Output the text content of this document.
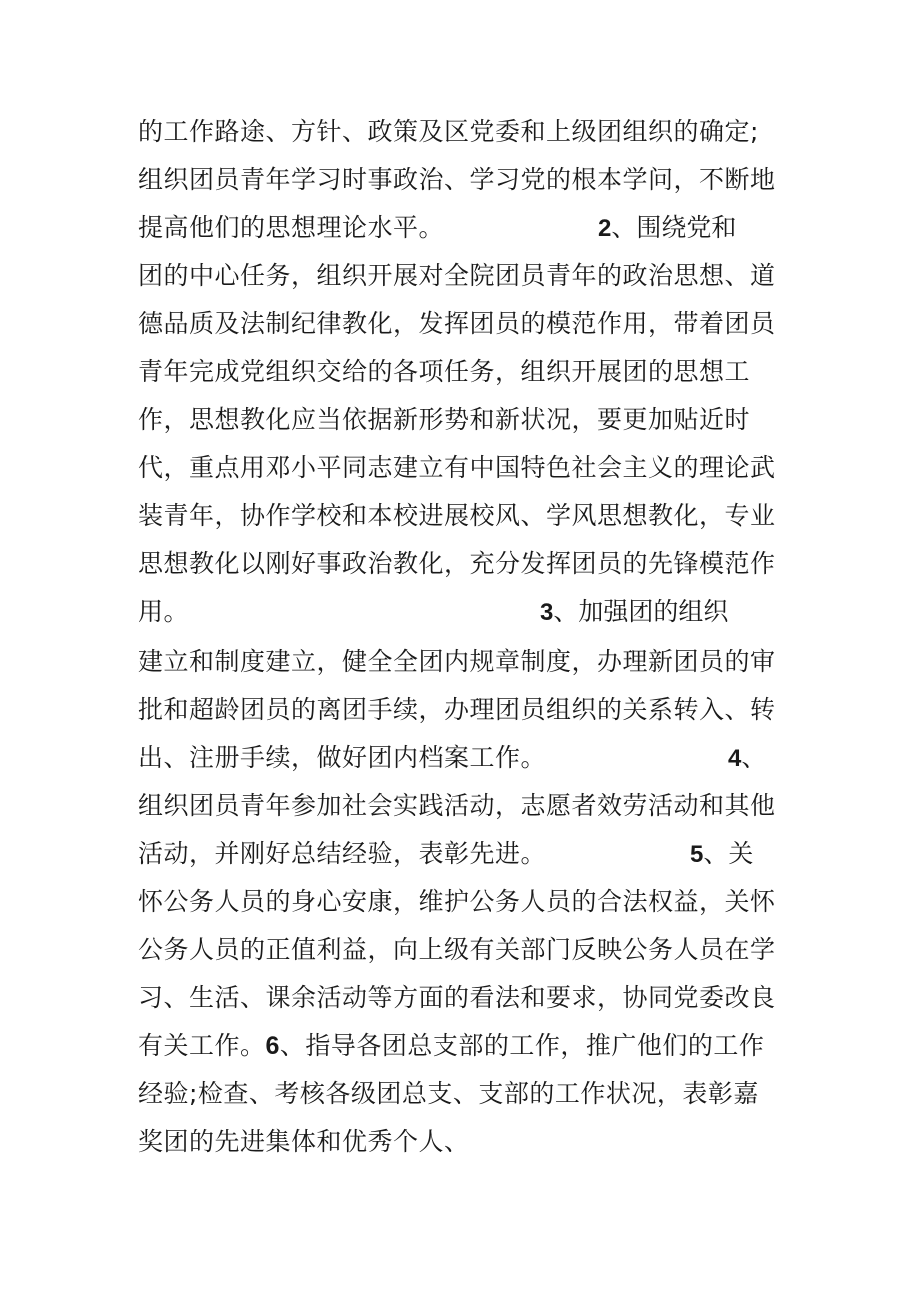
的工作路途、方针、政策及区党委和上级团组织的确定;
组织团员青年学习时事政治、学习党的根本学问，不断地
提高他们的思想理论水平。	2、围绕党和
团的中心任务，组织开展对全院团员青年的政治思想、道
德品质及法制纪律教化，发挥团员的模范作用，带着团员
青年完成党组织交给的各项任务，组织开展团的思想工
作，思想教化应当依据新形势和新状况，要更加贴近时
代，重点用邓小平同志建立有中国特色社会主义的理论武
装青年，协作学校和本校进展校风、学风思想教化，专业
思想教化以刚好事政治教化，充分发挥团员的先锋模范作
用。	3、加强团的组织
建立和制度建立，健全全团内规章制度，办理新团员的审
批和超龄团员的离团手续，办理团员组织的关系转入、转
出、注册手续，做好团内档案工作。	4、
组织团员青年参加社会实践活动，志愿者效劳活动和其他
活动，并刚好总结经验，表彰先进。	5、关
怀公务人员的身心安康，维护公务人员的合法权益，关怀
公务人员的正值利益，向上级有关部门反映公务人员在学
习、生活、课余活动等方面的看法和要求，协同党委改良
有关工作。6、指导各团总支部的工作，推广他们的工作
经验;检查、考核各级团总支、支部的工作状况，表彰嘉
奖团的先进集体和优秀个人、
